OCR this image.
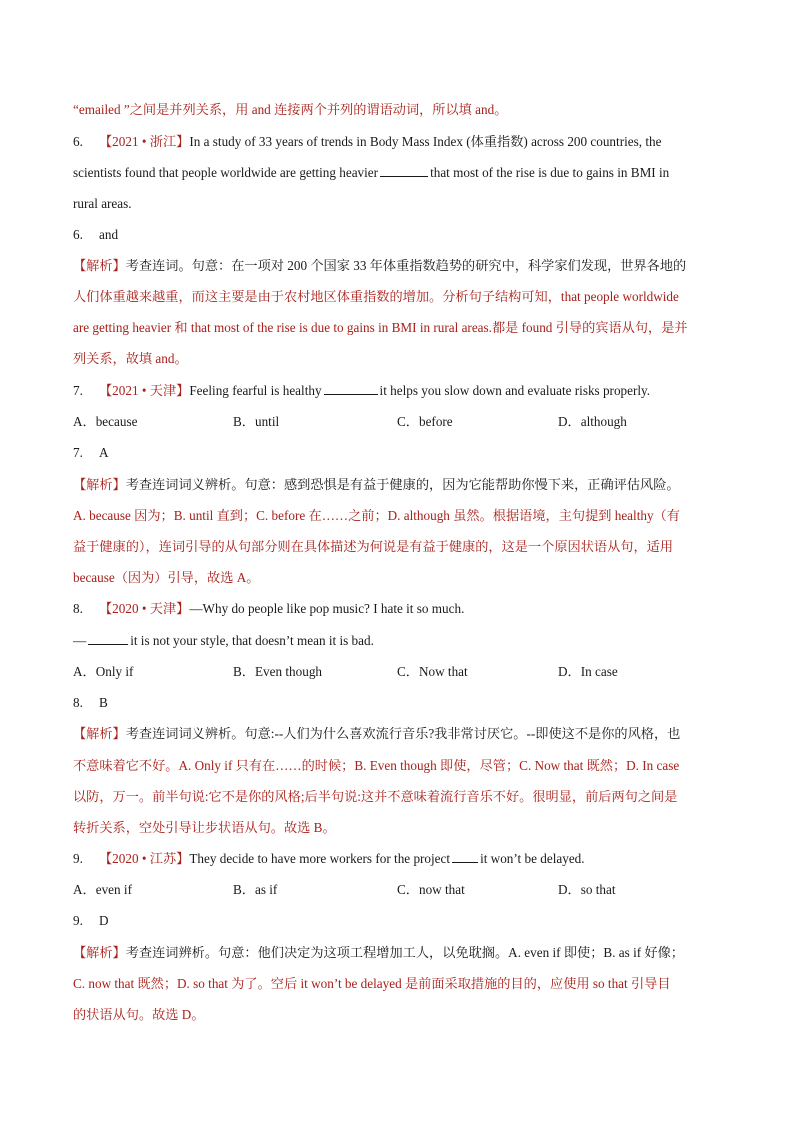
“emailed ”之间是并列关系，用 and 连接两个并列的谓语动词，所以填 and。
6. 【2021 • 浙江】In a study of 33 years of trends in Body Mass Index (体重指数) across 200 countries, the
scientists found that people worldwide are getting heavier	that most of the rise is due to gains in BMI in
rural areas.
6. and
【解析】考查连词。句意：在一项对 200 个国家 33 年体重指数趋势的研究中，科学家们发现，世界各地的
人们体重越来越重，而这主要是由于农村地区体重指数的增加。分析句子结构可知，that people worldwide
are getting heavier 和 that most of the rise is due to gains in BMI in rural areas.都是 found 引导的宾语从句，是并
列关系，故填 and。
7. 【2021 • 天津】Feeling fearful is healthy	it helps you slow down and evaluate risks properly.
A．because	B．until	C．before	D．although
7. A
【解析】考查连词词义辨析。句意：感到恐惧是有益于健康的，因为它能帮助你慢下来，正确评估风险。
A. because 因为；B. until 直到；C. before 在……之前；D. although 虽然。根据语境，主句提到 healthy（有
益于健康的），连词引导的从句部分则在具体描述为何说是有益于健康的，这是一个原因状语从句，适用
because（因为）引导，故选 A。
8. 【2020 • 天津】—Why do people like pop music? I hate it so much.
—	it is not your style, that doesn’t mean it is bad.
A．Only if	B．Even though	C．Now that	D．In case
8. B
【解析】考查连词词义辨析。句意:--人们为什么喜欢流行音乐?我非常讨厌它。--即使这不是你的风格，也
不意味着它不好。A. Only if 只有在……的时候；B. Even though 即使，尽管；C. Now that 既然；D. In case
以防，万一。前半句说:它不是你的风格;后半句说:这并不意味着流行音乐不好。很明显，前后两句之间是
转折关系，空处引导让步状语从句。故选 B。
9. 【2020 • 江苏】They decide to have more workers for the project it won’t be delayed.
A．even if	B．as if	C．now that	D．so that
9. D
【解析】考查连词辨析。句意：他们决定为这项工程增加工人，以免耽搁。A. even if 即使；B. as if 好像；
C. now that 既然；D. so that 为了。空后 it won’t be delayed 是前面采取措施的目的，应使用 so that 引导目
的状语从句。故选 D。
